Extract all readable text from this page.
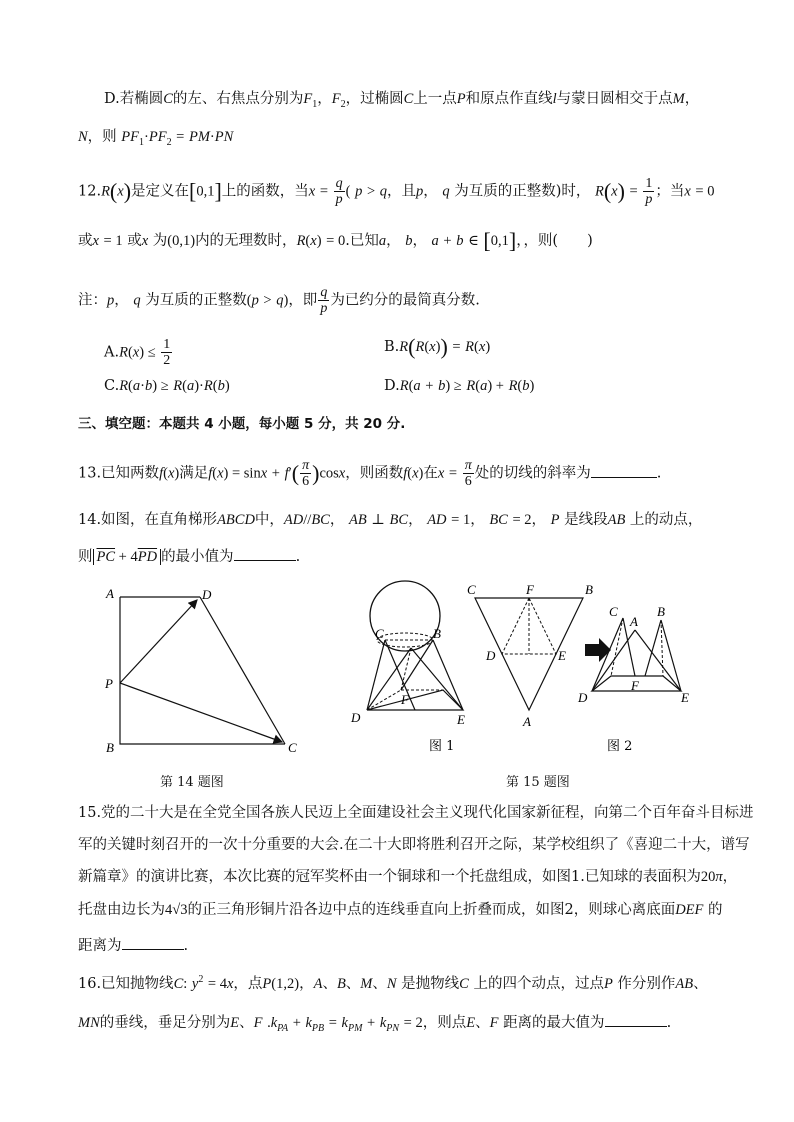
D.若椭圆C的左、右焦点分别为$F_1$，$F_2$，过椭圆C上一点P和原点作直线l与蒙日圆相交于点M，
N，则 $PF_1\cdot PF_2 = PM\cdot PN$
12.R(x)是定义在[0,1]上的函数，当$x = \frac{q}{p}$ ( p > q，且p， q 为互质的正整数)时， $R(x) = \frac{1}{p}$ ；当x = 0
或x = 1 或x 为(0,1)内的无理数时，R(x) = 0.已知a， b， a + b ∈ [0,1]，，则(　　)
注：p， q 为互质的正整数(p > q)，即 $\frac{q}{p}$ 为已约分的最简真分数.
$A.R(x) \le \frac{1}{2}$	B.R(R(x)) = R(x)
C.R(a·b) ≥ R(a)·R(b)	D.R(a + b) ≥ R(a) + R(b)
三、填空题：本题共 4 小题，每小题 5 分，共 20 分.
13.已知两数f(x)满足$f(x) = \sin x + f'( \frac{\pi}{6} )\cos x$，则函数f(x)在$x = \frac{\pi}{6}$ 处的切线的斜率为	.
14.如图，在直角梯形ABCD中，AD//BC， AB ⊥ BC， AD = 1， BC = 2， P 是线段AB 上的动点，
则 $\overline{PC} + 4\overline{PD}$ 的最小值为	.
A	D
P
B	C
第 14 题图
C	B
F
D	E
C	F	B
D	E
A
C
A
B
F
D	E
图 1	图 2
第 15 题图
15.党的二十大是在全党全国各族人民迈上全面建设社会主义现代化国家新征程，向第二个百年奋斗目标进
军的关键时刻召开的一次十分重要的大会.在二十大即将胜利召开之际，某学校组织了《喜迎二十大，谱写
新篇章》的演讲比赛，本次比赛的冠军奖杯由一个铜球和一个托盘组成，如图1.已知球的表面积为20π，
托盘由边长为4√3的正三角形铜片沿各边中点的连线垂直向上折叠而成，如图2，则球心离底面DEF 的
距离为	.
16.已知抛物线C: $y^2 = 4x$，点P(1,2)，A、B、M、N 是抛物线C 上的四个动点，过点P 作分别作AB、
MN的垂线，垂足分别为E、F $.k_{PA} + k_{PB} = k_{PM} + k_{PN} = 2$，则点E、F 距离的最大值为	.
